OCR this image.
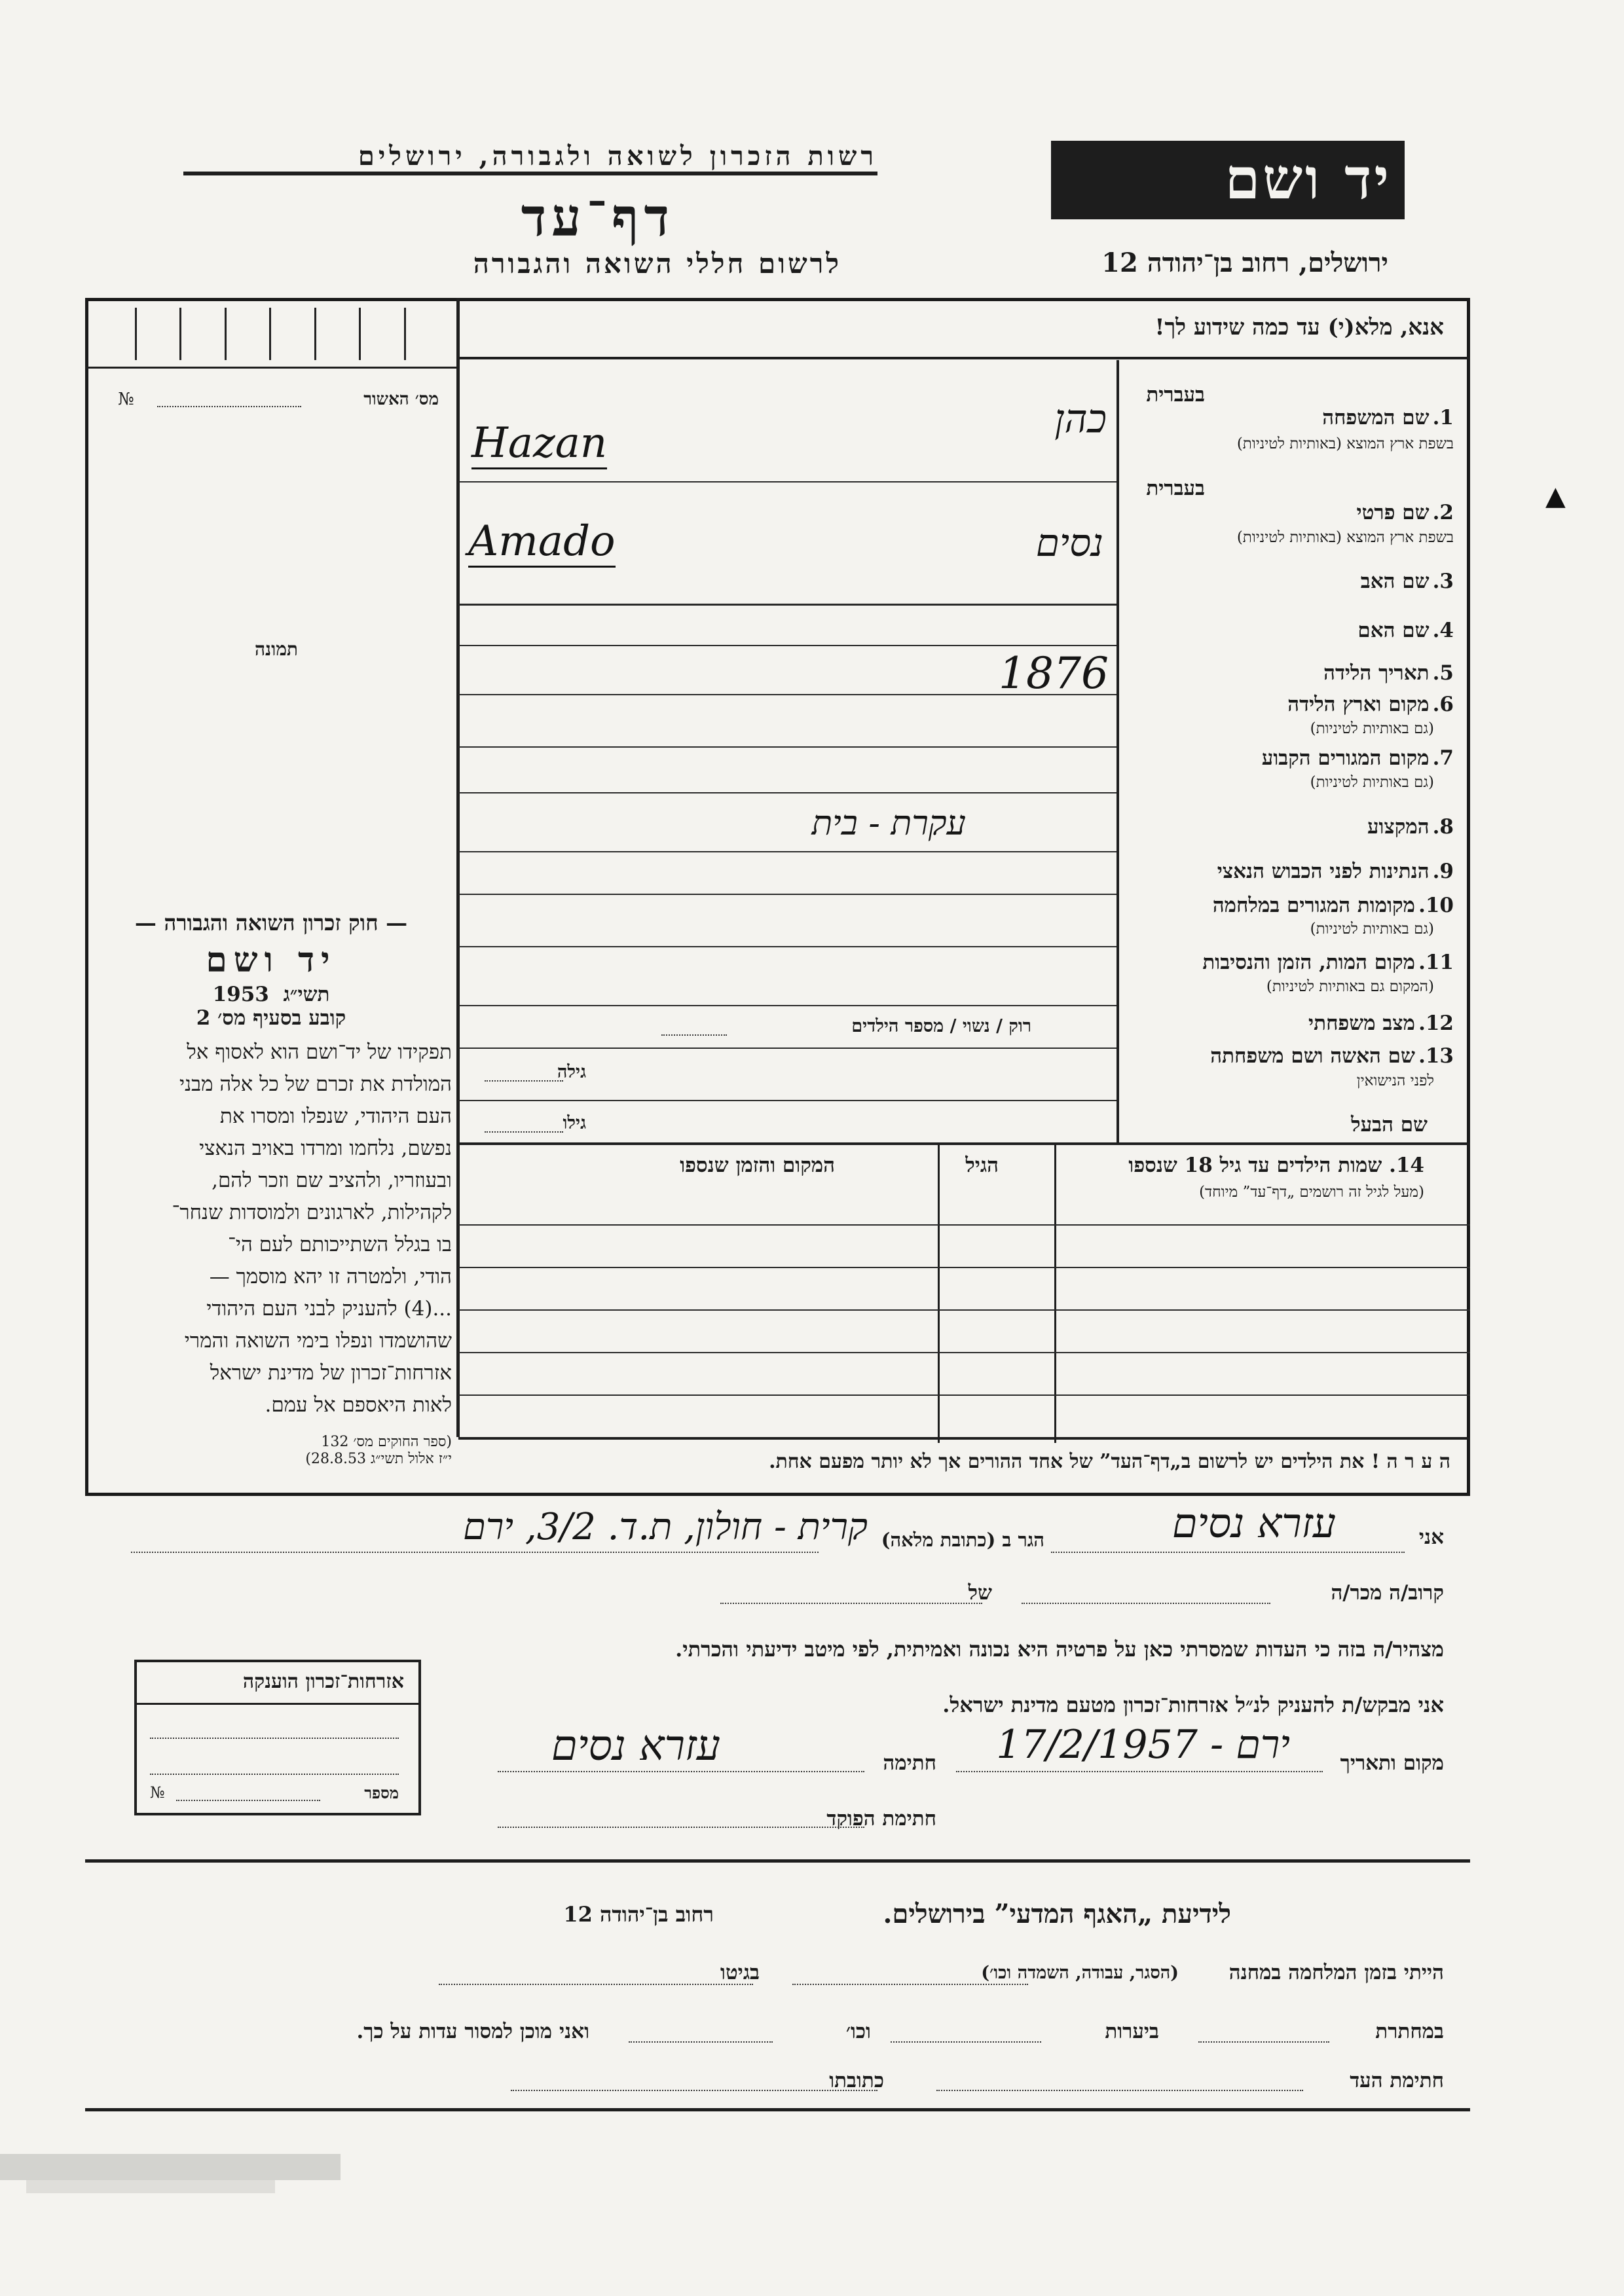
▲
רשות הזכרון לשואה ולגבורה, ירושלים	יד ושם
דף־עד
לרשום חללי השואה והגבורה	ירושלים, רחוב בן־יהודה 12
אנא, מלא(י) עד כמה שידוע לך!
מס׳ האשור
№
תמונה
— חוק זכרון השואה והגבורה —
יד ושם
תשי״ג  1953
קובע בסעיף מס׳ 2
תפקידו של יד־ושם הוא לאסוף אל
המולדת את זכרם של כל אלה מבני
העם היהודי, שנפלו ומסרו את
נפשם, נלחמו ומרדו באויב הנאצי
ובעוזריו, ולהציב שם וזכר להם,
לקהילות, לארגונים ולמוסדות שנחר־
בו בגלל השתייכותם לעם הי־
הודי, ולמטרה זו יהא מוסמך —
...(4) להעניק לבני העם היהודי
שהושמדו ונפלו בימי השואה והמרי
אזרחות־זכרון של מדינת ישראל
לאות היאספם אל עמם.
(ספר החוקים מס׳ 132
י״ז אלול תשי״ג 28.8.53)
בעברית
בעברית
1. שם המשפחה
בשפת ארץ המוצא (באותיות לטיניות)
2. שם פרטי
בשפת ארץ המוצא (באותיות לטיניות)
3. שם האב
4. שם האם
5. תאריך הלידה
6. מקום וארץ הלידה
(גם באותיות לטיניות)
7. מקום המגורים הקבוע
(גם באותיות לטיניות)
8. המקצוע
9. הנתינות לפני הכבוש הנאצי
10. מקומות המגורים במלחמה
(גם באותיות לטיניות)
11. מקום המות, הזמן והנסיבות
(המקום גם באותיות לטיניות)
12. מצב משפחתי
13. שם האשה ושם משפחתה
לפני הנישואין
שם הבעל
רוק / נשוי / מספר הילדים
גילה
גילו
כהן
Hazan
נסים
Amado
1876
עקרת - בית
14. שמות הילדים עד גיל 18 שנספו
(מעל לגיל זה רושמים „דף־עד” מיוחד)
הגיל
המקום והזמן שנספו
ה ע ר ה ! את הילדים יש לרשום ב„דף־העד” של אחד ההורים אך לא יותר מפעם אחת.
אני
עזרא נסים
הגר ב (כתובת מלאה)
קרית - חולון, ת.ד. 3/2, ירם
קרוב/ה מכר/ה
של
מצהיר/ה בזה כי העדות שמסרתי כאן על פרטיה היא נכונה ואמיתית, לפי מיטב ידיעתי והכרתי.
אני מבקש/ת להעניק לנ״ל אזרחות־זכרון מטעם מדינת ישראל.
מקום ותאריך
ירם - 17/2/1957
חתימה
עזרא נסים
חתימת הפוקד
אזרחות־זכרון הוענקה
מספר
№
לידיעת „האגף המדעי” בירושלים.
רחוב בן־יהודה 12
הייתי בזמן המלחמה במחנה
(הסגר, עבודה, השמדה וכו׳)
בגיטו
במחתרת
ביערות
וכו׳
ואני מוכן למסור עדות על כך.
חתימת העד
כתובתו
